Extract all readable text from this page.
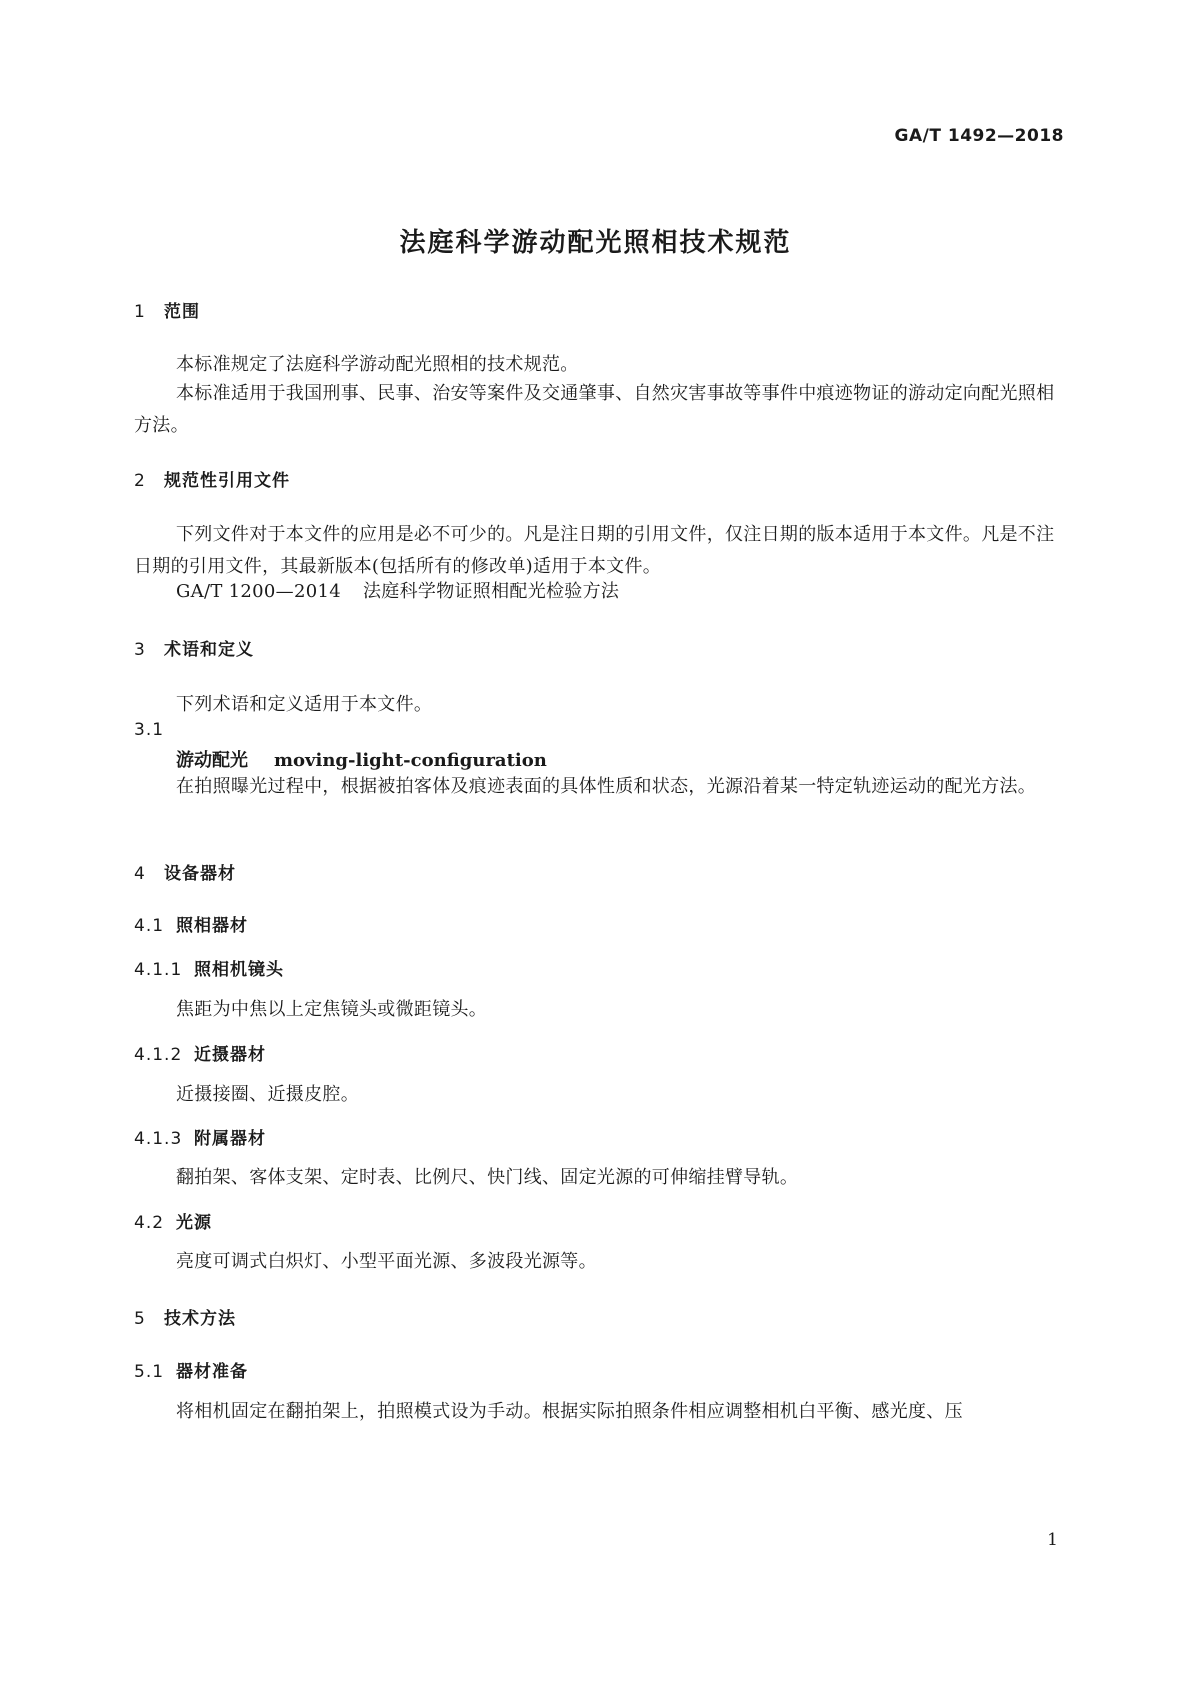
GA/T 1492—2018
法庭科学游动配光照相技术规范
1 范围
本标准规定了法庭科学游动配光照相的技术规范。
本标准适用于我国刑事、民事、治安等案件及交通肇事、自然灾害事故等事件中痕迹物证的游动定向配光照相方法。
2 规范性引用文件
下列文件对于本文件的应用是必不可少的。凡是注日期的引用文件，仅注日期的版本适用于本文件。凡是不注日期的引用文件，其最新版本(包括所有的修改单)适用于本文件。
GA/T 1200—2014 法庭科学物证照相配光检验方法
3 术语和定义
下列术语和定义适用于本文件。
3.1
游动配光 moving-light-configuration
在拍照曝光过程中，根据被拍客体及痕迹表面的具体性质和状态，光源沿着某一特定轨迹运动的配光方法。
4 设备器材
4.1 照相器材
4.1.1 照相机镜头
焦距为中焦以上定焦镜头或微距镜头。
4.1.2 近摄器材
近摄接圈、近摄皮腔。
4.1.3 附属器材
翻拍架、客体支架、定时表、比例尺、快门线、固定光源的可伸缩挂臂导轨。
4.2 光源
亮度可调式白炽灯、小型平面光源、多波段光源等。
5 技术方法
5.1 器材准备
将相机固定在翻拍架上，拍照模式设为手动。根据实际拍照条件相应调整相机白平衡、感光度、压
1
